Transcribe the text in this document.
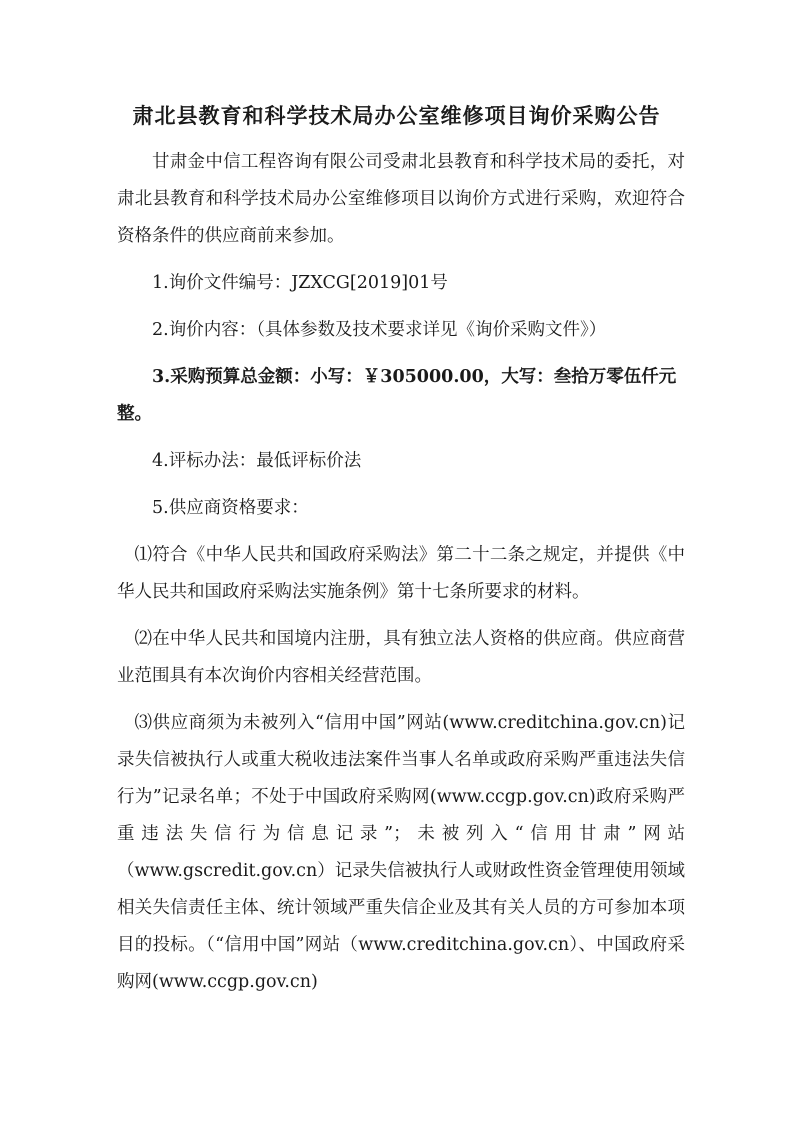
肃北县教育和科学技术局办公室维修项目询价采购公告

甘肃金中信工程咨询有限公司受肃北县教育和科学技术局的委托，对肃北县教育和科学技术局办公室维修项目以询价方式进行采购，欢迎符合资格条件的供应商前来参加。

1.询价文件编号：JZXCG[2019]01号

2.询价内容：（具体参数及技术要求详见《询价采购文件》）

3.采购预算总金额：小写：￥305000.00，大写：叁拾万零伍仟元整。

4.评标办法：最低评标价法

5.供应商资格要求：

⑴符合《中华人民共和国政府采购法》第二十二条之规定，并提供《中华人民共和国政府采购法实施条例》第十七条所要求的材料。

⑵在中华人民共和国境内注册，具有独立法人资格的供应商。供应商营业范围具有本次询价内容相关经营范围。

⑶供应商须为未被列入“信用中国”网站(www.creditchina.gov.cn)记录失信被执行人或重大税收违法案件当事人名单或政府采购严重违法失信行为”记录名单；不处于中国政府采购网(www.ccgp.gov.cn)政府采购严重违法失信行为信息记录”；未被列入“信用甘肃”网站（www.gscredit.gov.cn）记录失信被执行人或财政性资金管理使用领域相关失信责任主体、统计领域严重失信企业及其有关人员的方可参加本项目的投标。（“信用中国”网站（www.creditchina.gov.cn）、中国政府采购网(www.ccgp.gov.cn)
